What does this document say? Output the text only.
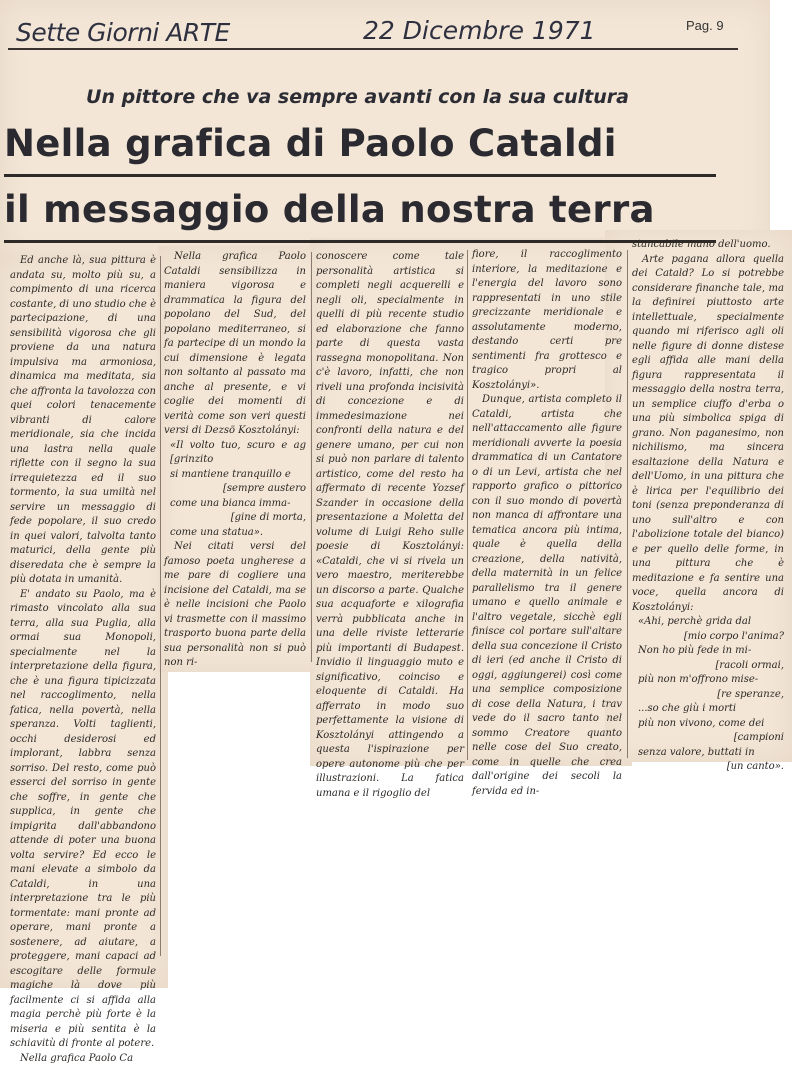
Sette Giorni ARTE	22 Dicembre 1971	Pag. 9
Un pittore che va sempre avanti con la sua cultura
Nella grafica di Paolo Cataldi
il messaggio della nostra terra

Ed anche là, sua pittura è andata su, molto più su, a compimento di una ricerca costante, di uno studio che è partecipazione, di una sensibilità vigorosa che gli proviene da una natura impulsiva ma armoniosa, dinamica ma meditata, sia che affronta la tavolozza con quei colori tenacemente vibranti di calore meridionale, sia che incida una lastra nella quale riflette con il segno la sua irrequietezza ed il suo tormento, la sua umiltà nel servire un messaggio di fede popolare, il suo credo in quei valori, talvolta tanto maturici, della gente più diseredata che è sempre la più dotata in umanità.

E' andato su Paolo, ma è rimasto vincolato alla sua terra, alla sua Puglia, alla ormai sua Monopoli, specialmente nel la interpretazione della figura, che è una figura tipicizzata nel raccoglimento, nella fatica, nella povertà, nella speranza. Volti taglienti, occhi desiderosi ed implorant, labbra senza sorriso. Del resto, come può esserci del sorriso in gente che soffre, in gente che supplica, in gente che impigrita dall'abbandono attende di poter una buona volta servire? Ed ecco le mani elevate a simbolo da Cataldi, in una interpretazione tra le più tormentate: mani pronte ad operare, mani pronte a sostenere, ad aiutare, a proteggere, mani capaci ad escogitare delle formule magiche là dove più facilmente ci si affida alla magia perchè più forte è la miseria e più sentita è la schiavitù di fronte al potere.

Nella grafica Paolo Ca

Nella grafica Paolo Cataldi sensibilizza in maniera vigorosa e drammatica la figura del popolano del Sud, del popolano mediterraneo, si fa partecipe di un mondo la cui dimensione è legata non soltanto al passato ma anche al presente, e vi coglie dei momenti di verità come son veri questi versi di Dezsö Kosztolányi:

«Il volto tuo, scuro e ag [grinzito
si mantiene tranquillo e
[sempre austero
come una bianca imma-
[gine di morta,
come una statua».

Nei citati versi del famoso poeta ungherese a me pare di cogliere una incisione del Cataldi, ma se è nelle incisioni che Paolo vi trasmette con il massimo trasporto buona parte della sua personalità non si può non ri-

conoscere come tale personalità artistica si completi negli acquerelli e negli oli, specialmente in quelli di più recente studio ed elaborazione che fanno parte di questa vasta rassegna monopolitana. Non c'è lavoro, infatti, che non riveli una profonda incisività di concezione e di immedesimazione nei confronti della natura e del genere umano, per cui non si può non parlare di talento artistico, come del resto ha affermato di recente Yozsef Szander in occasione della presentazione a Moletta del volume di Luigi Reho sulle poesie di Kosztolányi: «Cataldi, che vi si rivela un vero maestro, meriterebbe un discorso a parte. Qualche sua acquaforte e xilografia verrà pubblicata anche in una delle riviste letterarie più importanti di Budapest. Invidio il linguaggio muto e significativo, coinciso e eloquente di Cataldi. Ha afferrato in modo suo perfettamente la visione di Kosztolányi attingendo a questa l'ispirazione per opere autonome più che per illustrazioni. La fatica umana e il rigoglio del

fiore, il raccoglimento interiore, la meditazione e l'energia del lavoro sono rappresentati in uno stile grecizzante meridionale e assolutamente moderno, destando certi pre sentimenti fra grottesco e tragico propri al Kosztolányi».

Dunque, artista completo il Cataldi, artista che nell'attaccamento alle figure meridionali avverte la poesia drammatica di un Cantatore o di un Levi, artista che nel rapporto grafico o pittorico con il suo mondo di povertà non manca di affrontare una tematica ancora più intima, quale è quella della creazione, della natività, della maternità in un felice parallelismo tra il genere umano e quello animale e l'altro vegetale, sicchè egli finisce col portare sull'altare della sua concezione il Cristo di ieri (ed anche il Cristo di oggi, aggiungerei) così come una semplice composizione di cose della Natura, i trav vede do il sacro tanto nel sommo Creatore quanto nelle cose del Suo creato, come in quelle che crea dall'origine dei secoli la fervida ed in-

stancabile mano dell'uomo.

Arte pagana allora quella dei Catald? Lo si potrebbe considerare finanche tale, ma la definirei piuttosto arte intellettuale, specialmente quando mi riferisco agli oli nelle figure di donne distese egli affida alle mani della figura rappresentata il messaggio della nostra terra, un semplice ciuffo d'erba o una più simbolica spiga di grano. Non paganesimo, non nichilismo, ma sincera esaltazione della Natura e dell'Uomo, in una pittura che è lirica per l'equilibrio dei toni (senza preponderanza di uno sull'altro e con l'abolizione totale del bianco) e per quello delle forme, in una pittura che è meditazione e fa sentire una voce, quella ancora di Kosztolányi:

«Ahi, perchè grida dal
[mio corpo l'anima?
Non ho più fede in mi-
[racoli ormai,
più non m'offrono mise-
[re speranze,
...so che giù i morti
più non vivono, come dei
[campioni
senza valore, buttati in
[un canto».
